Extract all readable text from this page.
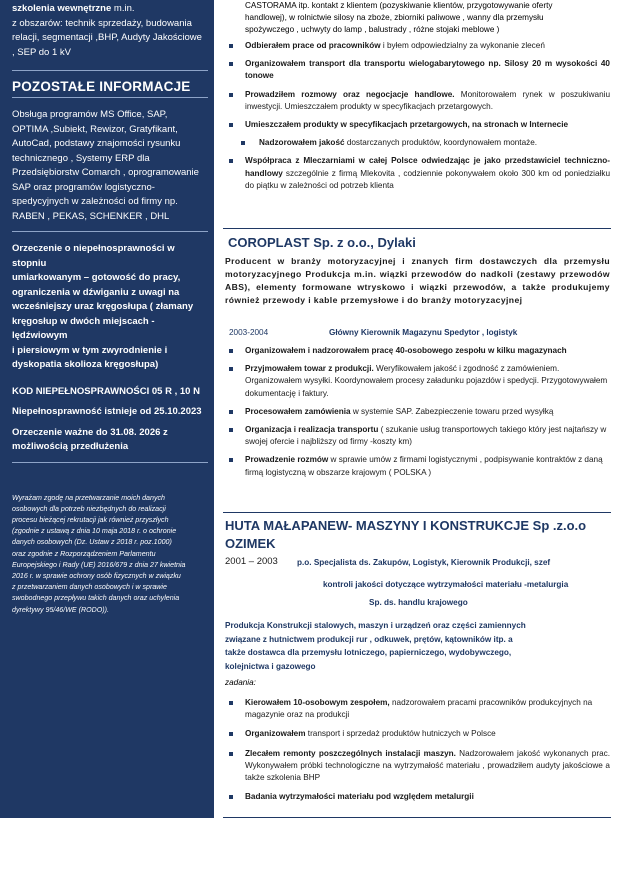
szkolenia wewnętrzne m.in.

z obszarów: technik sprzedaży, budowania

relacji, segmentacji ,BHP, Audyty Jakościowe

, SEP do 1 kV

POZOSTAŁE INFORMACJE

Obsługa programów MS Office, SAP,

OPTIMA ,Subiekt, Rewizor, Gratyfikant,

AutoCad, podstawy znajomości rysunku

technicznego , Systemy ERP dla

Przedsiębiorstw Comarch , oprogramowanie

SAP oraz programów logistyczno-

spedycyjnych w zależności od firmy np.

RABEN , PEKAS, SCHENKER , DHL

Orzeczenie o niepełnosprawności w stopniu

umiarkowanym – gotowość do pracy,

ograniczenia w dźwiganiu z uwagi na

wcześniejszy uraz kręgosłupa ( złamany

kręgosłup w dwóch miejscach -lędźwiowym

i piersiowym w tym zwyrodnienie i

dyskopatia skolioza kręgosłupa)

KOD NIEPEŁNOSPRAWNOŚCI 05 R , 10 N

Niepełnosprawność istnieje od 25.10.2023

Orzeczenie ważne do 31.08. 2026 z

możliwością przedłużenia

Wyrażam zgodę na przetwarzanie moich danych

osobowych dla potrzeb niezbędnych do realizacji

procesu bieżącej rekrutacji jak również przyszłych

(zgodnie z ustawą z dnia 10 maja 2018 r. o ochronie

danych osobowych (Dz. Ustaw z 2018 r. poz.1000)

oraz zgodnie z Rozporządzeniem Parlamentu

Europejskiego i Rady (UE) 2016/679 z dnia 27 kwietnia

2016 r. w sprawie ochrony osób fizycznych w związku

z przetwarzaniem danych osobowych i w sprawie

swobodnego przepływu takich danych oraz uchylenia

dyrektywy 95/46/WE (RODO)).

CASTORAMA itp. kontakt z klientem (pozyskiwanie klientów, przygotowywanie oferty

handlowej), w rolnictwie silosy na zboże, zbiorniki paliwowe , wanny dla przemysłu

spożywczego , uchwyty do lamp , balustrady , różne stojaki meblowe )

Odbierałem prace od pracowników i byłem odpowiedzialny za wykonanie zleceń
Organizowałem transport dla transportu wielogabarytowego np. Silosy 20 m wysokości 40 tonowe
Prowadziłem rozmowy oraz negocjacje handlowe. Monitorowałem rynek w poszukiwaniu inwestycji. Umieszczałem produkty w specyfikacjach przetargowych.
Umieszczałem produkty w specyfikacjach przetargowych, na stronach w Internecie
Nadzorowałem jakość dostarczanych produktów, koordynowałem montaże.
Współpraca z Mleczarniami w całej Polsce odwiedzając je jako przedstawiciel techniczno-handlowy szczególnie z firmą Mlekovita , codziennie pokonywałem około 300 km od poniedziałku do piątku w zależności od potrzeb klienta

COROPLAST Sp. z o.o., Dylaki

Producent w branży motoryzacyjnej i znanych firm dostawczych dla przemysłu motoryzacyjnego Produkcja m.in. wiązki przewodów do nadkoli (zestawy przewodów ABS), elementy formowane wtryskowo i wiązki przewodów, a także produkujemy również przewody i kable przemysłowe i do branży motoryzacyjnej

2003-2004	Główny Kierownik Magazynu Spedytor , logistyk
Organizowałem i nadzorowałem pracę 40-osobowego zespołu w kilku magazynach
Przyjmowałem towar z produkcji. Weryfikowałem jakość i zgodność z zamówieniem. Organizowałem wysyłki. Koordynowałem procesy załadunku pojazdów i spedycji. Przygotowywałem dokumentację i faktury.
Procesowałem zamówienia w systemie SAP. Zabezpieczenie towaru przed wysyłką
Organizacja i realizacja transportu ( szukanie usług transportowych takiego który jest najtańszy w swojej ofercie i najbliższy od firmy -koszty km)
Prowadzenie rozmów w sprawie umów z firmami logistycznymi , podpisywanie kontraktów z daną firmą logistyczną w obszarze krajowym ( POLSKA )

HUTA MAŁAPANEW- MASZYNY I KONSTRUKCJE Sp .z.o.o

OZIMEK

2001 – 2003	p.o. Specjalista ds. Zakupów, Logistyk, Kierownik Produkcji, szef

kontroli jakości dotyczące wytrzymałości materiału -metalurgia

Sp. ds. handlu krajowego

Produkcja Konstrukcji stalowych, maszyn i urządzeń oraz części zamiennych

związane z hutnictwem produkcji rur , odkuwek, prętów, kątowników itp. a

także dostawca dla przemysłu lotniczego, papierniczego, wydobywczego,

kolejnictwa i gazowego

zadania:

Kierowałem 10-osobowym zespołem, nadzorowałem pracami pracowników produkcyjnych na magazynie oraz na produkcji
Organizowałem transport i sprzedaż produktów hutniczych w Polsce
Zlecałem remonty poszczególnych instalacji maszyn. Nadzorowałem jakość wykonanych prac. Wykonywałem próbki technologiczne na wytrzymałość materiału , prowadziłem audyty jakościowe a także szkolenia BHP
Badania wytrzymałości materiału pod względem metalurgii
